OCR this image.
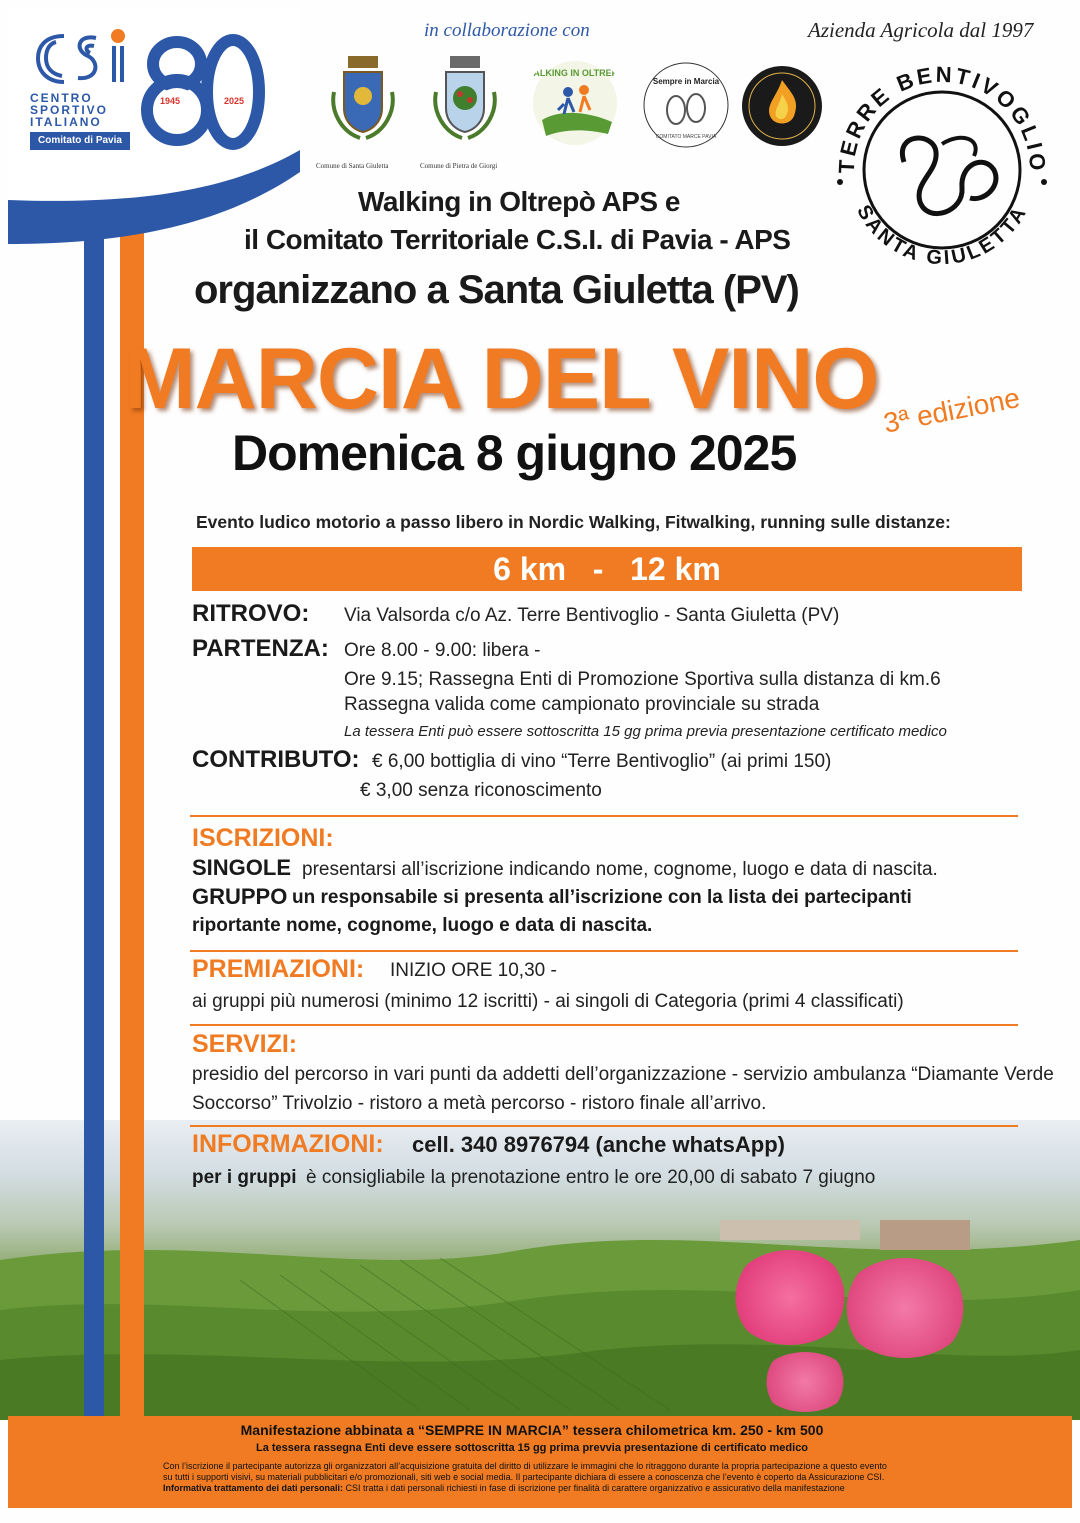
CENTRO
SPORTIVO
ITALIANO
Comitato di Pavia
1945	2025
in collaborazione con	Azienda Agricola dal 1997
Comune di Santa Giuletta	Comune di Pietra de Giorgi
WALKING IN OLTREPÒ
Sempre in Marcia
COMITATO MARCE PAVIA
TERRE BENTIVOGLIO
SANTA GIULETTA
Walking in Oltrepò APS e
il Comitato Territoriale C.S.I. di Pavia - APS
organizzano a Santa Giuletta (PV)
MARCIA DEL VINO
Domenica 8 giugno 2025
3ª edizione
Evento ludico motorio a passo libero in Nordic Walking, Fitwalking, running sulle distanze:
6 km   -   12 km
RITROVO: Via Valsorda c/o Az. Terre Bentivoglio - Santa Giuletta (PV)
PARTENZA: Ore 8.00 - 9.00: libera -
Ore 9.15; Rassegna Enti di Promozione Sportiva sulla distanza di km.6
Rassegna valida come campionato provinciale su strada
La tessera Enti può essere sottoscritta 15 gg prima previa presentazione certificato medico
CONTRIBUTO: € 6,00 bottiglia di vino “Terre Bentivoglio” (ai primi 150)
€ 3,00 senza riconoscimento
ISCRIZIONI:
SINGOLE presentarsi all’iscrizione indicando nome, cognome, luogo e data di nascita.
GRUPPO un responsabile si presenta all’iscrizione con la lista dei partecipanti
riportante nome, cognome, luogo e data di nascita.
PREMIAZIONI: INIZIO ORE 10,30 -
ai gruppi più numerosi (minimo 12 iscritti) - ai singoli di Categoria (primi 4 classificati)
SERVIZI:
presidio del percorso in vari punti da addetti dell’organizzazione - servizio ambulanza “Diamante Verde
Soccorso” Trivolzio - ristoro a metà percorso - ristoro finale all’arrivo.
INFORMAZIONI: cell. 340 8976794 (anche whatsApp)
per i gruppi è consigliabile la prenotazione entro le ore 20,00 di sabato 7 giugno
Manifestazione abbinata a “SEMPRE IN MARCIA” tessera chilometrica km. 250 - km 500
La tessera rassegna Enti deve essere sottoscritta 15 gg prima prevvia presentazione di certificato medico
Con l’iscrizione il partecipante autorizza gli organizzatori all’acquisizione gratuita del diritto di utilizzare le immagini che lo ritraggono durante la propria partecipazione a questo evento
su tutti i supporti visivi, su materiali pubblicitari e/o promozionali, siti web e social media. Il partecipante dichiara di essere a conoscenza che l’evento è coperto da Assicurazione CSI.
Informativa trattamento dei dati personali: CSI tratta i dati personali richiesti in fase di iscrizione per finalità di carattere organizzativo e assicurativo della manifestazione
